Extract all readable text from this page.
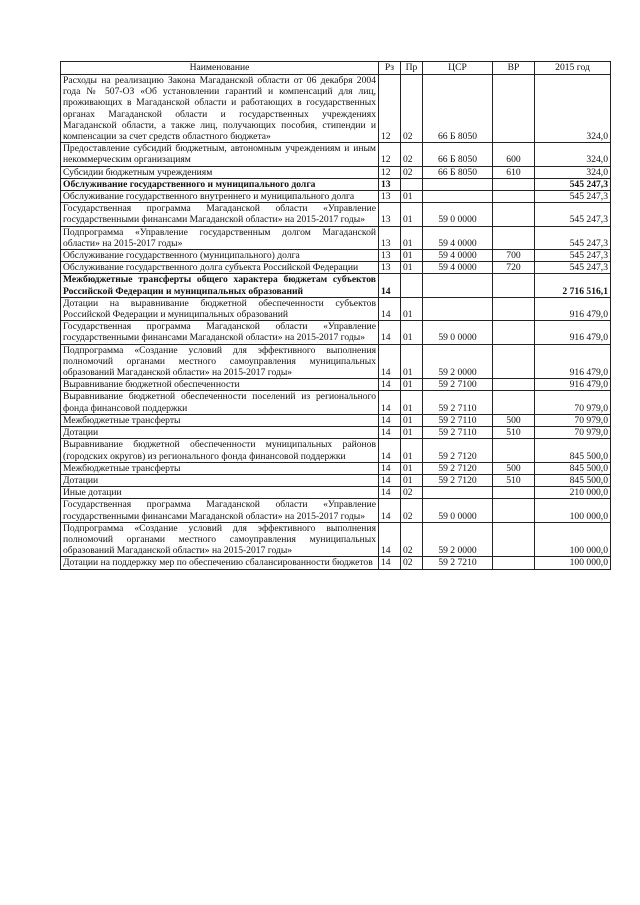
Наименование	Рз	Пр	ЦСР	ВР	2015 год
Расходы на реализацию Закона Магаданской области от 06 декабря 2004 года № 507-ОЗ «Об установлении гарантий и компенсаций для лиц, проживающих в Магаданской области и работающих в государственных органах Магаданской области и государственных учреждениях Магаданской области, а также лиц, получающих пособия, стипендии и компенсации за счет средств областного бюджета»	12	02	66 Б 8050		324,0
Предоставление субсидий бюджетным, автономным учреждениям и иным некоммерческим организациям	12	02	66 Б 8050	600	324,0
Субсидии бюджетным учреждениям	12	02	66 Б 8050	610	324,0
Обслуживание государственного и муниципального долга	13				545 247,3
Обслуживание государственного внутреннего и муниципального долга	13	01			545 247,3
Государственная программа Магаданской области «Управление государственными финансами Магаданской области» на 2015-2017 годы»	13	01	59 0 0000		545 247,3
Подпрограмма «Управление государственным долгом Магаданской области» на 2015-2017 годы»	13	01	59 4 0000		545 247,3
Обслуживание государственного (муниципального) долга	13	01	59 4 0000	700	545 247,3
Обслуживание государственного долга субъекта Российской Федерации	13	01	59 4 0000	720	545 247,3
Межбюджетные трансферты общего характера бюджетам субъектов Российской Федерации и муниципальных образований	14				2 716 516,1
Дотации на выравнивание бюджетной обеспеченности субъектов Российской Федерации и муниципальных образований	14	01			916 479,0
Государственная программа Магаданской области «Управление государственными финансами Магаданской области» на 2015-2017 годы»	14	01	59 0 0000		916 479,0
Подпрограмма «Создание условий для эффективного выполнения полномочий органами местного самоуправления муниципальных образований Магаданской области» на 2015-2017 годы»	14	01	59 2 0000		916 479,0
Выравнивание бюджетной обеспеченности	14	01	59 2 7100		916 479,0
Выравнивание бюджетной обеспеченности поселений из регионального фонда финансовой поддержки	14	01	59 2 7110		70 979,0
Межбюджетные трансферты	14	01	59 2 7110	500	70 979,0
Дотации	14	01	59 2 7110	510	70 979,0
Выравнивание бюджетной обеспеченности муниципальных районов (городских округов) из регионального фонда финансовой поддержки	14	01	59 2 7120		845 500,0
Межбюджетные трансферты	14	01	59 2 7120	500	845 500,0
Дотации	14	01	59 2 7120	510	845 500,0
Иные дотации	14	02			210 000,0
Государственная программа Магаданской области «Управление государственными финансами Магаданской области» на 2015-2017 годы»	14	02	59 0 0000		100 000,0
Подпрограмма «Создание условий для эффективного выполнения полномочий органами местного самоуправления муниципальных образований Магаданской области» на 2015-2017 годы»	14	02	59 2 0000		100 000,0
Дотации на поддержку мер по обеспечению сбалансированности бюджетов	14	02	59 2 7210		100 000,0
